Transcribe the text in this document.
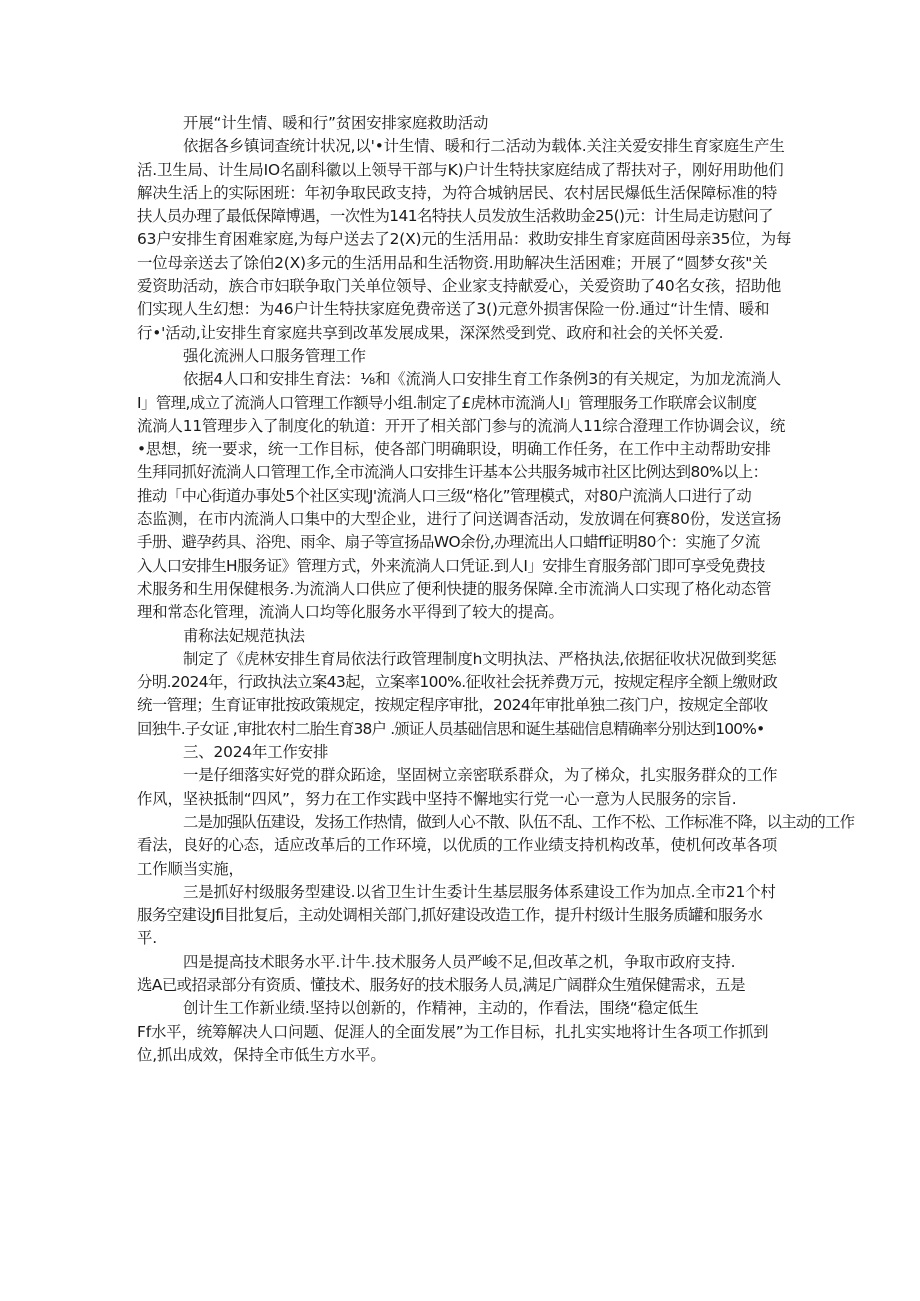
开展“计生情、暖和行”贫困安排家庭救助活动
依据各乡镇词查统计状况,以'•计生情、暖和行二活动为载体.关注关爱安排生育家庭生产生
活.卫生局、计生局IO名副科徽以上领导干部与K)户计生特扶家庭结成了帮扶对子，刚好用助他们
解决生活上的实际困班：年初争取民政支持，为符合城钠居民、农村居民爆低生活保障标准的特
扶人员办理了最低保障博遇，一次性为141名特扶人员发放生活救助金25()元：计生局走访慰问了
63户安排生育困难家庭,为每户送去了2(X)元的生活用品：救助安排生育家庭茴困母亲35位，为每
一位母亲送去了馀伯2(X)多元的生活用品和生活物资.用助解决生活困难；开展了“圆梦女孩"关
爱资助活动，族合市妇联争取门关单位领导、企业家支持献爱心，关爱资助了40名女孩，招助他
们实现人生幻想：为46户计生特扶家庭免费帝送了3()元意外损害保险一份.通过“计生情、暖和
行•'活动,让安排生育家庭共享到改革发展成果，深深然受到党、政府和社会的关怀关爱.
强化流洲人口服务管理工作
依据4人口和安排生育法：⅛和《流淌人口安排生育工作条例3的有关规定，为加龙流淌人
I」管理,成立了流淌人口管理工作额导小组.制定了£虎林市流淌人I」管理服务工作联席会议制度
流淌人11管理步入了制度化的轨道：开开了相关部门参与的流淌人11综合澄理工作协调会议，统
•思想，统一要求，统一工作目标，使各部门明确职设，明确工作任务，在工作中主动帮助安排
生拜同抓好流淌人口管理工作,全市流淌人口安排生讦基本公共服务城市社区比例达到80%以上：
推动「中心街道办事处5个社区实现J'流淌人口三级“格化”管理模式，对80户流淌人口进行了动
态监测，在市内流淌人口集中的大型企业，进行了问送调杳活动，发放调在何赛80份，发送宣扬
手册、避孕药具、浴兜、雨伞、扇子等宣扬品WO余份,办理流出人口蜡ff证明80个：实施了夕流
入人口安排生H服务证》管理方式，外来流淌人口凭证.到人I」安排生育服务部门即可享受免费技
术服务和生用保健根务.为流淌人口供应了便利快捷的服务保障.全市流淌人口实现了格化动态管
理和常态化管理，流淌人口均等化服务水平得到了较大的提高。
甫称法妃规范执法
制定了《虎林安排生育局依法行政管理制度h文明执法、严格执法,依据征收状况做到奖惩
分明.2024年，行政执法立案43起，立案率100%.征收社会抚养费万元，按规定程序全额上缴财政
统一管理；生育证审批按政策规定，按规定程序审批，2024年审批单独二孩门户，按规定全部收
回独牛.子女证 ,审批农村二胎生育38户 .颁证人员基础信思和诞生基础信息精确率分别达到100%•
三、2024年工作安排
一是仔细落实好党的群众跖途，坚固树立亲密联系群众，为了梯众，扎实服务群众的工作
作风，坚袂抵制“四风”，努力在工作实践中坚持不懈地实行党一心一意为人民服务的宗旨.
二是加强队伍建设，发扬工作热情，做到人心不散、队伍不乱、工作不松、工作标准不降，以主动的工作
看法，良好的心态，适应改革后的工作环境，以优质的工作业绩支持机构改革，使机何改革各项
工作顺当实施，
三是抓好村级服务型建设.以省卫生计生委计生基层服务体系建设工作为加点.全市21个村
服务空建设Jfi目批复后，主动处调相关部门,抓好建设改造工作，提升村级计生服务质罐和服务水
平.
四是提高技术眼务水平.计牛.技术服务人员严峻不足,但改革之机，争取市政府支持.
选A已或招录部分有资质、懂技术、服务好的技术服务人员,满足广阔群众生殖保健需求，五是
创计生工作新业绩.坚持以创新的，作精神，主动的，作看法，围绕“稳定低生
Ff水平，统筹解决人口问题、促涯人的全面发展”为工作目标，扎扎实实地将计生各项工作抓到
位,抓出成效，保持全市低生方水平。
